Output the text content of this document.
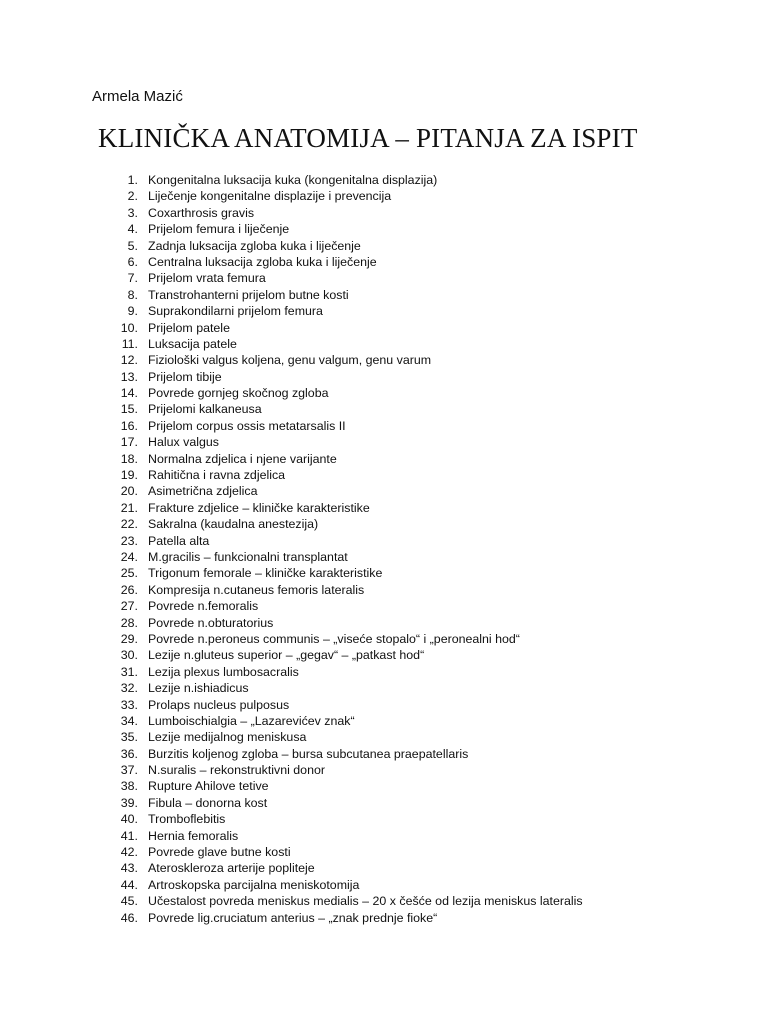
Armela Mazić
KLINIČKA ANATOMIJA – PITANJA ZA ISPIT
1. Kongenitalna luksacija kuka (kongenitalna displazija)
2. Liječenje kongenitalne displazije i prevencija
3. Coxarthrosis gravis
4. Prijelom femura i liječenje
5. Zadnja luksacija zgloba kuka i liječenje
6. Centralna luksacija zgloba kuka i liječenje
7. Prijelom vrata femura
8. Transtrohanterni prijelom butne kosti
9. Suprakondilarni prijelom femura
10. Prijelom patele
11. Luksacija patele
12. Fiziološki valgus koljena, genu valgum, genu varum
13. Prijelom tibije
14. Povrede gornjeg skočnog zgloba
15. Prijelomi kalkaneusa
16. Prijelom corpus ossis metatarsalis II
17. Halux valgus
18. Normalna zdjelica i njene varijante
19. Rahitična i ravna zdjelica
20. Asimetrična zdjelica
21. Frakture zdjelice – kliničke karakteristike
22. Sakralna (kaudalna anestezija)
23. Patella alta
24. M.gracilis – funkcionalni transplantat
25. Trigonum femorale – kliničke karakteristike
26. Kompresija n.cutaneus femoris lateralis
27. Povrede n.femoralis
28. Povrede n.obturatorius
29. Povrede n.peroneus communis – „viseće stopalo“ i „peronealni hod“
30. Lezije n.gluteus superior – „gegav“ – „patkast hod“
31. Lezija plexus lumbosacralis
32. Lezije n.ishiadicus
33. Prolaps nucleus pulposus
34. Lumboischialgia – „Lazarevićev znak“
35. Lezije medijalnog meniskusa
36. Burzitis koljenog zgloba – bursa subcutanea praepatellaris
37. N.suralis – rekonstruktivni donor
38. Rupture Ahilove tetive
39. Fibula – donorna kost
40. Tromboflebitis
41. Hernia femoralis
42. Povrede glave butne kosti
43. Ateroskleroza arterije popliteje
44. Artroskopska parcijalna meniskotomija
45. Učestalost povreda meniskus medialis – 20 x češće od lezija meniskus lateralis
46. Povrede lig.cruciatum anterius – „znak prednje fioke“
